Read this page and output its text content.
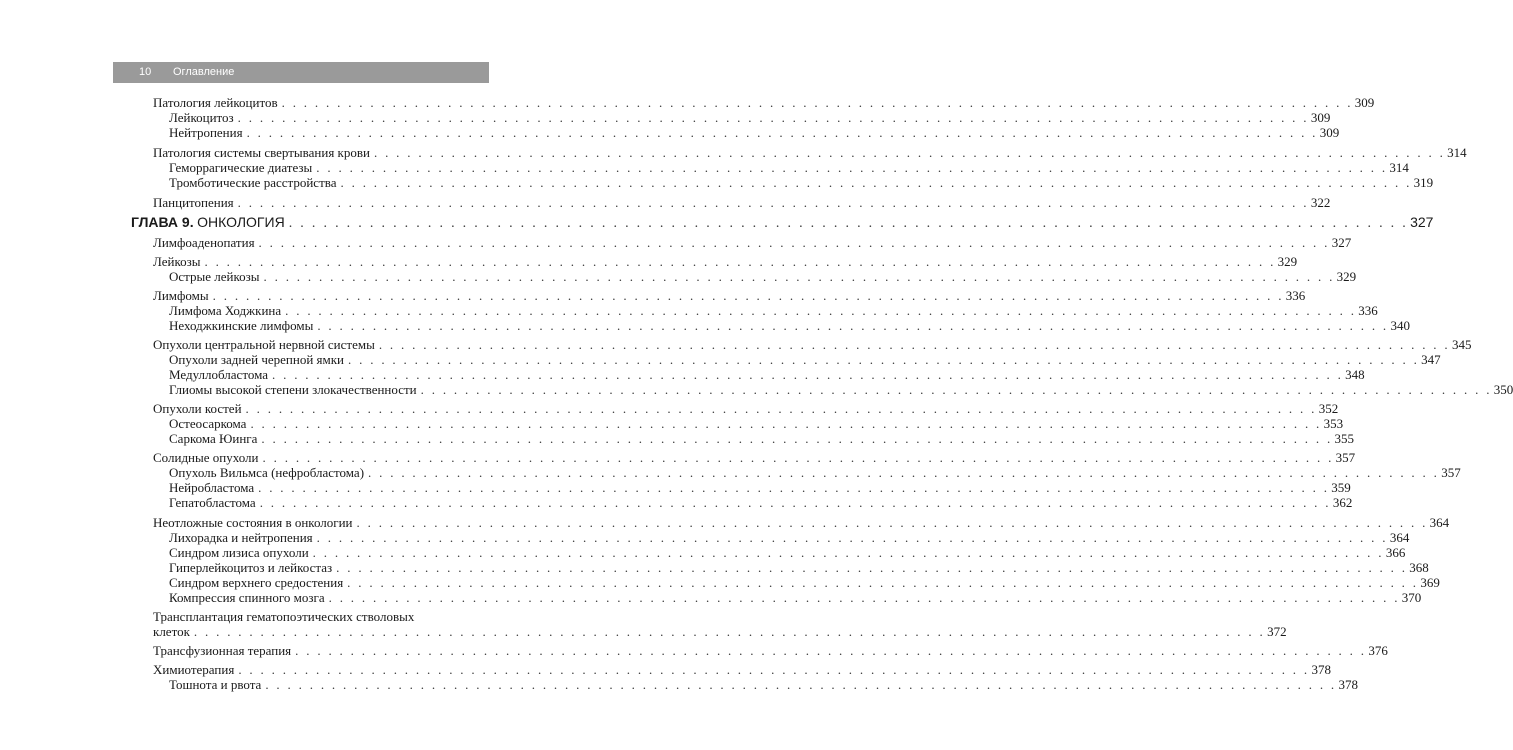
10 Оглавление
Патология лейкоцитов . . . . . . . . . . . . . . . . . . . . . . . . . . . . . . . . . . . . . . . . . . . . . . . . . . . . . . . . . . . . . . . . . . . . . . . . . . . . . . . . . . . . . . . . . . . . . . . . . 309
Лейкоцитоз . . . . . . . . . . . . . . . . . . . . . . . . . . . . . . . . . . . . . . . . . . . . . . . . . . . . . . . . . . . . . . . . . . . . . . . . . . . . . . . . . . . . . . . . . . . . . . . . . 309
Нейтропения . . . . . . . . . . . . . . . . . . . . . . . . . . . . . . . . . . . . . . . . . . . . . . . . . . . . . . . . . . . . . . . . . . . . . . . . . . . . . . . . . . . . . . . . . . . . . . . . . 309
Патология системы свертывания крови . . . . . . . . . . . . . . . . . . . . . . . . . . . . . . . . . . . . . . . . . . . . . . . . . . . . . . . . . . . . . . . . . . . . . . . . . . . . . . . . . . . . . . . . . . . . . . . . . 314
Геморрагические диатезы . . . . . . . . . . . . . . . . . . . . . . . . . . . . . . . . . . . . . . . . . . . . . . . . . . . . . . . . . . . . . . . . . . . . . . . . . . . . . . . . . . . . . . . . . . . . . . . . . 314
Тромботические расстройства . . . . . . . . . . . . . . . . . . . . . . . . . . . . . . . . . . . . . . . . . . . . . . . . . . . . . . . . . . . . . . . . . . . . . . . . . . . . . . . . . . . . . . . . . . . . . . . . . 319
Панцитопения . . . . . . . . . . . . . . . . . . . . . . . . . . . . . . . . . . . . . . . . . . . . . . . . . . . . . . . . . . . . . . . . . . . . . . . . . . . . . . . . . . . . . . . . . . . . . . . . . 322
ГЛАВА 9. ОНКОЛОГИЯ . . . . . . . . . . . . . . . . . . . . . . . . . . . . . . . . . . . . . . . . . . . . . . . . . . . . . . . . . . . . . . . . . . . . . . . . . . . . . . . . . . . . . . . . . . . . . . . . . 327
Лимфоаденопатия . . . . . . . . . . . . . . . . . . . . . . . . . . . . . . . . . . . . . . . . . . . . . . . . . . . . . . . . . . . . . . . . . . . . . . . . . . . . . . . . . . . . . . . . . . . . . . . . . 327
Лейкозы . . . . . . . . . . . . . . . . . . . . . . . . . . . . . . . . . . . . . . . . . . . . . . . . . . . . . . . . . . . . . . . . . . . . . . . . . . . . . . . . . . . . . . . . . . . . . . . . . 329
Острые лейкозы . . . . . . . . . . . . . . . . . . . . . . . . . . . . . . . . . . . . . . . . . . . . . . . . . . . . . . . . . . . . . . . . . . . . . . . . . . . . . . . . . . . . . . . . . . . . . . . . . 329
Лимфомы . . . . . . . . . . . . . . . . . . . . . . . . . . . . . . . . . . . . . . . . . . . . . . . . . . . . . . . . . . . . . . . . . . . . . . . . . . . . . . . . . . . . . . . . . . . . . . . . . 336
Лимфома Ходжкина . . . . . . . . . . . . . . . . . . . . . . . . . . . . . . . . . . . . . . . . . . . . . . . . . . . . . . . . . . . . . . . . . . . . . . . . . . . . . . . . . . . . . . . . . . . . . . . . . 336
Неходжкинские лимфомы . . . . . . . . . . . . . . . . . . . . . . . . . . . . . . . . . . . . . . . . . . . . . . . . . . . . . . . . . . . . . . . . . . . . . . . . . . . . . . . . . . . . . . . . . . . . . . . . . 340
Опухоли центральной нервной системы . . . . . . . . . . . . . . . . . . . . . . . . . . . . . . . . . . . . . . . . . . . . . . . . . . . . . . . . . . . . . . . . . . . . . . . . . . . . . . . . . . . . . . . . . . . . . . . . . 345
Опухоли задней черепной ямки . . . . . . . . . . . . . . . . . . . . . . . . . . . . . . . . . . . . . . . . . . . . . . . . . . . . . . . . . . . . . . . . . . . . . . . . . . . . . . . . . . . . . . . . . . . . . . . . . 347
Медуллобластома . . . . . . . . . . . . . . . . . . . . . . . . . . . . . . . . . . . . . . . . . . . . . . . . . . . . . . . . . . . . . . . . . . . . . . . . . . . . . . . . . . . . . . . . . . . . . . . . . 348
Глиомы высокой степени злокачественности . . . . . . . . . . . . . . . . . . . . . . . . . . . . . . . . . . . . . . . . . . . . . . . . . . . . . . . . . . . . . . . . . . . . . . . . . . . . . . . . . . . . . . . . . . . . . . . . . 350
Опухоли костей . . . . . . . . . . . . . . . . . . . . . . . . . . . . . . . . . . . . . . . . . . . . . . . . . . . . . . . . . . . . . . . . . . . . . . . . . . . . . . . . . . . . . . . . . . . . . . . . . 352
Остеосаркома . . . . . . . . . . . . . . . . . . . . . . . . . . . . . . . . . . . . . . . . . . . . . . . . . . . . . . . . . . . . . . . . . . . . . . . . . . . . . . . . . . . . . . . . . . . . . . . . . 353
Саркома Юинга . . . . . . . . . . . . . . . . . . . . . . . . . . . . . . . . . . . . . . . . . . . . . . . . . . . . . . . . . . . . . . . . . . . . . . . . . . . . . . . . . . . . . . . . . . . . . . . . . 355
Солидные опухоли . . . . . . . . . . . . . . . . . . . . . . . . . . . . . . . . . . . . . . . . . . . . . . . . . . . . . . . . . . . . . . . . . . . . . . . . . . . . . . . . . . . . . . . . . . . . . . . . . 357
Опухоль Вильмса (нефробластома) . . . . . . . . . . . . . . . . . . . . . . . . . . . . . . . . . . . . . . . . . . . . . . . . . . . . . . . . . . . . . . . . . . . . . . . . . . . . . . . . . . . . . . . . . . . . . . . . . 357
Нейробластома . . . . . . . . . . . . . . . . . . . . . . . . . . . . . . . . . . . . . . . . . . . . . . . . . . . . . . . . . . . . . . . . . . . . . . . . . . . . . . . . . . . . . . . . . . . . . . . . . 359
Гепатобластома . . . . . . . . . . . . . . . . . . . . . . . . . . . . . . . . . . . . . . . . . . . . . . . . . . . . . . . . . . . . . . . . . . . . . . . . . . . . . . . . . . . . . . . . . . . . . . . . . 362
Неотложные состояния в онкологии . . . . . . . . . . . . . . . . . . . . . . . . . . . . . . . . . . . . . . . . . . . . . . . . . . . . . . . . . . . . . . . . . . . . . . . . . . . . . . . . . . . . . . . . . . . . . . . . . 364
Лихорадка и нейтропения . . . . . . . . . . . . . . . . . . . . . . . . . . . . . . . . . . . . . . . . . . . . . . . . . . . . . . . . . . . . . . . . . . . . . . . . . . . . . . . . . . . . . . . . . . . . . . . . . 364
Синдром лизиса опухоли . . . . . . . . . . . . . . . . . . . . . . . . . . . . . . . . . . . . . . . . . . . . . . . . . . . . . . . . . . . . . . . . . . . . . . . . . . . . . . . . . . . . . . . . . . . . . . . . . 366
Гиперлейкоцитоз и лейкостаз . . . . . . . . . . . . . . . . . . . . . . . . . . . . . . . . . . . . . . . . . . . . . . . . . . . . . . . . . . . . . . . . . . . . . . . . . . . . . . . . . . . . . . . . . . . . . . . . . 368
Синдром верхнего средостения . . . . . . . . . . . . . . . . . . . . . . . . . . . . . . . . . . . . . . . . . . . . . . . . . . . . . . . . . . . . . . . . . . . . . . . . . . . . . . . . . . . . . . . . . . . . . . . . . 369
Компрессия спинного мозга . . . . . . . . . . . . . . . . . . . . . . . . . . . . . . . . . . . . . . . . . . . . . . . . . . . . . . . . . . . . . . . . . . . . . . . . . . . . . . . . . . . . . . . . . . . . . . . . . 370
Трансплантация гематопоэтических стволовых
клеток . . . . . . . . . . . . . . . . . . . . . . . . . . . . . . . . . . . . . . . . . . . . . . . . . . . . . . . . . . . . . . . . . . . . . . . . . . . . . . . . . . . . . . . . . . . . . . . . . 372
Трансфузионная терапия . . . . . . . . . . . . . . . . . . . . . . . . . . . . . . . . . . . . . . . . . . . . . . . . . . . . . . . . . . . . . . . . . . . . . . . . . . . . . . . . . . . . . . . . . . . . . . . . . 376
Химиотерапия . . . . . . . . . . . . . . . . . . . . . . . . . . . . . . . . . . . . . . . . . . . . . . . . . . . . . . . . . . . . . . . . . . . . . . . . . . . . . . . . . . . . . . . . . . . . . . . . . 378
Тошнота и рвота . . . . . . . . . . . . . . . . . . . . . . . . . . . . . . . . . . . . . . . . . . . . . . . . . . . . . . . . . . . . . . . . . . . . . . . . . . . . . . . . . . . . . . . . . . . . . . . . . 378
